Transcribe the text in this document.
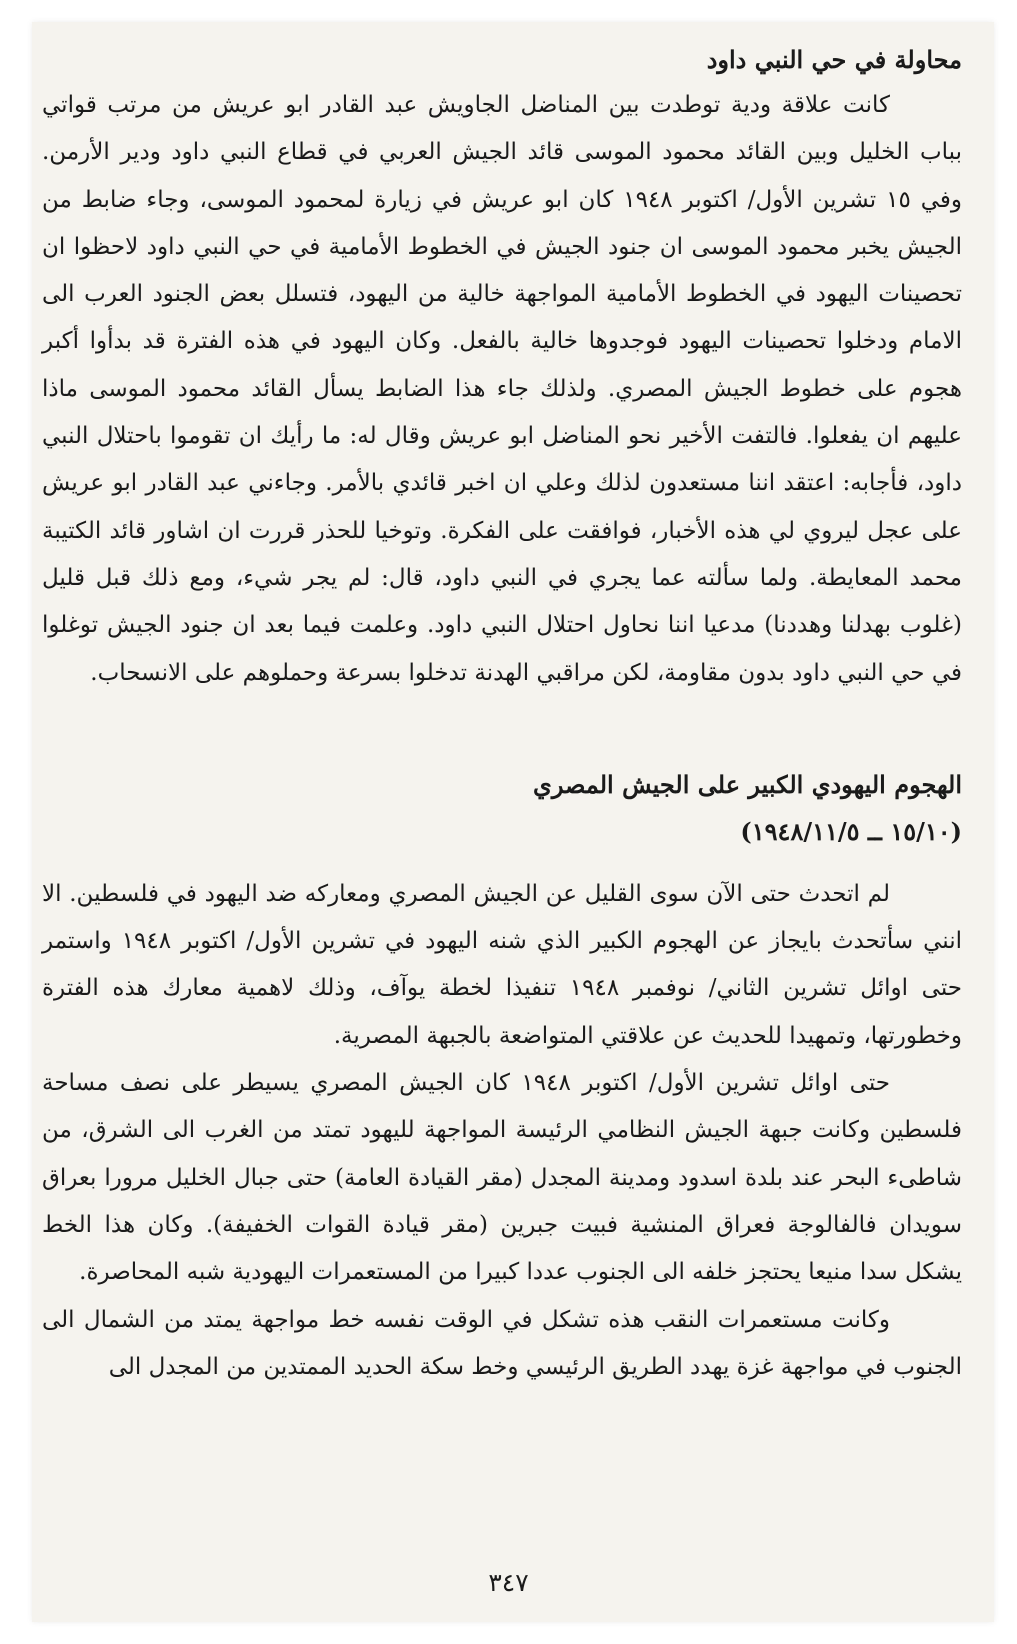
محاولة في حي النبي داود

كانت علاقة ودية توطدت بين المناضل الجاويش عبد القادر ابو عريش من مرتب قواتي بباب الخليل وبين القائد محمود الموسى قائد الجيش العربي في قطاع النبي داود ودير الأرمن. وفي ١٥ تشرين الأول/ اكتوبر ١٩٤٨ كان ابو عريش في زيارة لمحمود الموسى، وجاء ضابط من الجيش يخبر محمود الموسى ان جنود الجيش في الخطوط الأمامية في حي النبي داود لاحظوا ان تحصينات اليهود في الخطوط الأمامية المواجهة خالية من اليهود، فتسلل بعض الجنود العرب الى الامام ودخلوا تحصينات اليهود فوجدوها خالية بالفعل. وكان اليهود في هذه الفترة قد بدأوا أكبر هجوم على خطوط الجيش المصري. ولذلك جاء هذا الضابط يسأل القائد محمود الموسى ماذا عليهم ان يفعلوا. فالتفت الأخير نحو المناضل ابو عريش وقال له: ما رأيك ان تقوموا باحتلال النبي داود، فأجابه: اعتقد اننا مستعدون لذلك وعلي ان اخبر قائدي بالأمر. وجاءني عبد القادر ابو عريش على عجل ليروي لي هذه الأخبار، فوافقت على الفكرة. وتوخيا للحذر قررت ان اشاور قائد الكتيبة محمد المعايطة. ولما سألته عما يجري في النبي داود، قال: لم يجر شيء، ومع ذلك قبل قليل (غلوب بهدلنا وهددنا) مدعيا اننا نحاول احتلال النبي داود. وعلمت فيما بعد ان جنود الجيش توغلوا في حي النبي داود بدون مقاومة، لكن مراقبي الهدنة تدخلوا بسرعة وحملوهم على الانسحاب.

الهجوم اليهودي الكبير على الجيش المصري
(١٥/١٠ ــ ١٩٤٨/١١/٥)

لم اتحدث حتى الآن سوى القليل عن الجيش المصري ومعاركه ضد اليهود في فلسطين. الا انني سأتحدث بايجاز عن الهجوم الكبير الذي شنه اليهود في تشرين الأول/ اكتوبر ١٩٤٨ واستمر حتى اوائل تشرين الثاني/ نوفمبر ١٩٤٨ تنفيذا لخطة يوآف، وذلك لاهمية معارك هذه الفترة وخطورتها، وتمهيدا للحديث عن علاقتي المتواضعة بالجبهة المصرية.

حتى اوائل تشرين الأول/ اكتوبر ١٩٤٨ كان الجيش المصري يسيطر على نصف مساحة فلسطين وكانت جبهة الجيش النظامي الرئيسة المواجهة لليهود تمتد من الغرب الى الشرق، من شاطىء البحر عند بلدة اسدود ومدينة المجدل (مقر القيادة العامة) حتى جبال الخليل مرورا بعراق سويدان فالفالوجة فعراق المنشية فبيت جبرين (مقر قيادة القوات الخفيفة). وكان هذا الخط يشكل سدا منيعا يحتجز خلفه الى الجنوب عددا كبيرا من المستعمرات اليهودية شبه المحاصرة.

وكانت مستعمرات النقب هذه تشكل في الوقت نفسه خط مواجهة يمتد من الشمال الى الجنوب في مواجهة غزة يهدد الطريق الرئيسي وخط سكة الحديد الممتدين من المجدل الى

٣٤٧
